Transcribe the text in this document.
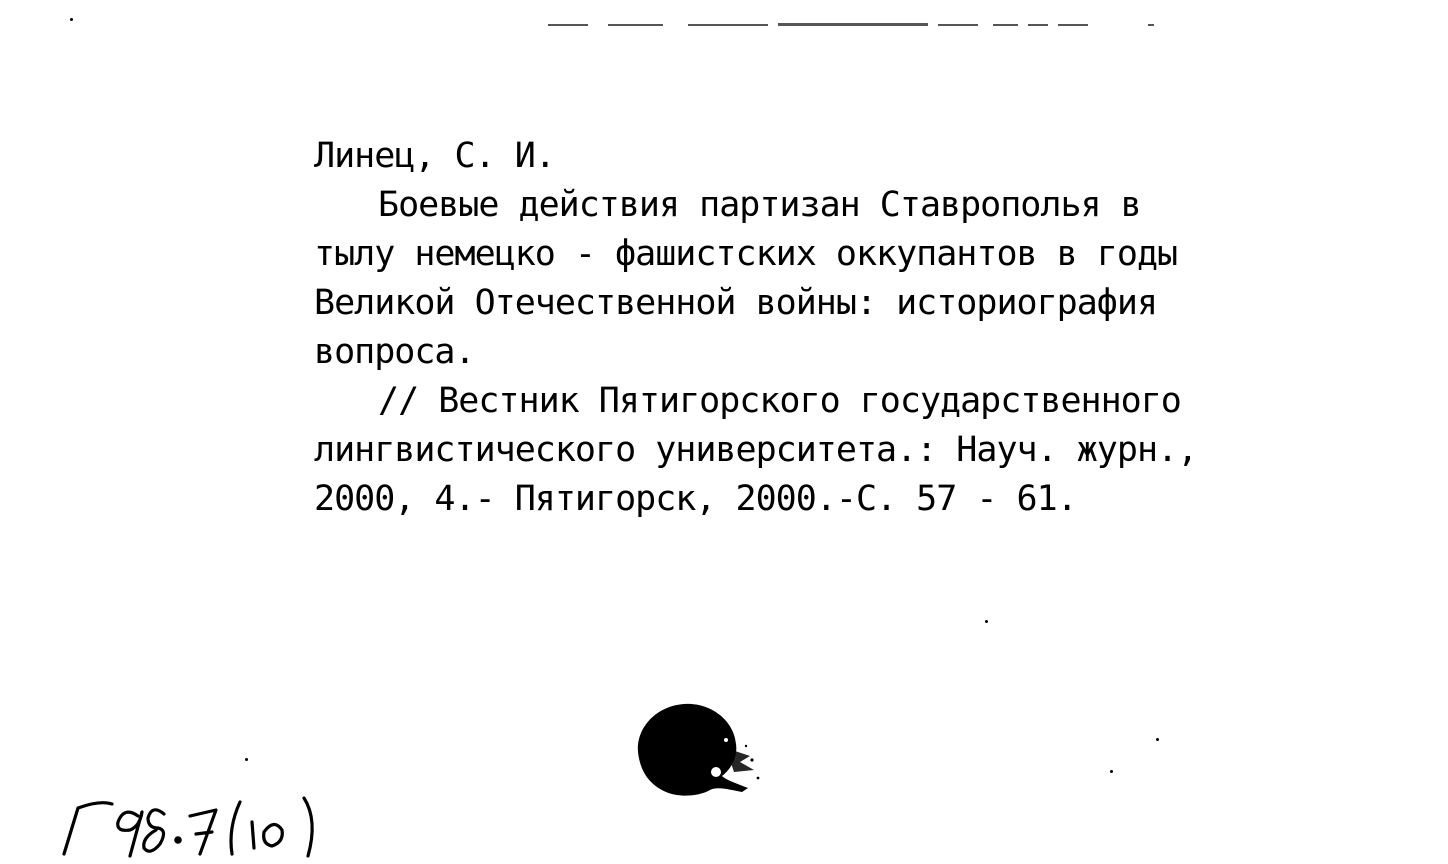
Линец, С. И.

Боевые действия партизан Ставрополья в

тылу немецко - фашистских оккупантов в годы

Великой Отечественной войны: историография

вопроса.

// Вестник Пятигорского государственного

лингвистического университета.: Науч. журн.,

2000, 4.- Пятигорск, 2000.-С. 57 - 61.
